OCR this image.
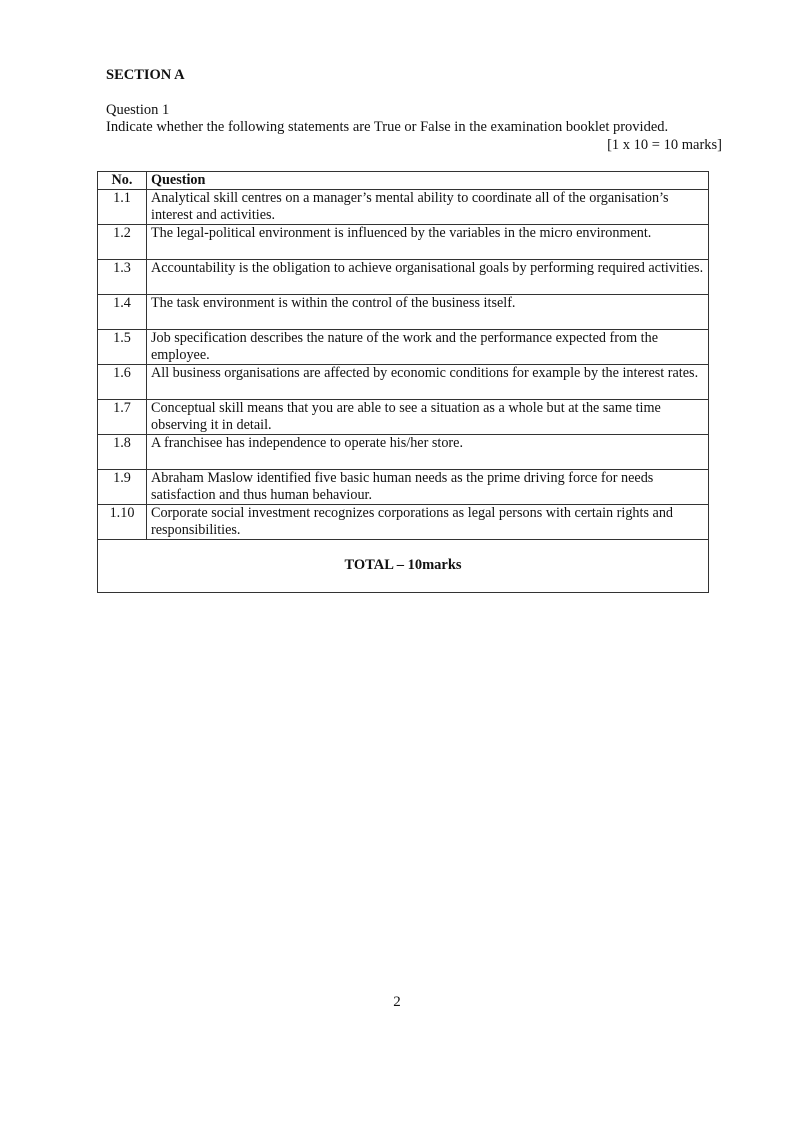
SECTION A

Question 1

Indicate whether the following statements are True or False in the examination booklet provided.

[1 x 10 = 10 marks]

No.	Question
1.1	Analytical skill centres on a manager’s mental ability to coordinate all of the organisation’s interest and activities.
1.2	The legal-political environment is influenced by the variables in the micro environment.
1.3	Accountability is the obligation to achieve organisational goals by performing required activities.
1.4	The task environment is within the control of the business itself.
1.5	Job specification describes the nature of the work and the performance expected from the employee.
1.6	All business organisations are affected by economic conditions for example by the interest rates.
1.7	Conceptual skill means that you are able to see a situation as a whole but at the same time observing it in detail.
1.8	A franchisee has independence to operate his/her store.
1.9	Abraham Maslow identified five basic human needs as the prime driving force for needs satisfaction and thus human behaviour.
1.10	Corporate social investment recognizes corporations as legal persons with certain rights and responsibilities.
TOTAL – 10marks	

2
